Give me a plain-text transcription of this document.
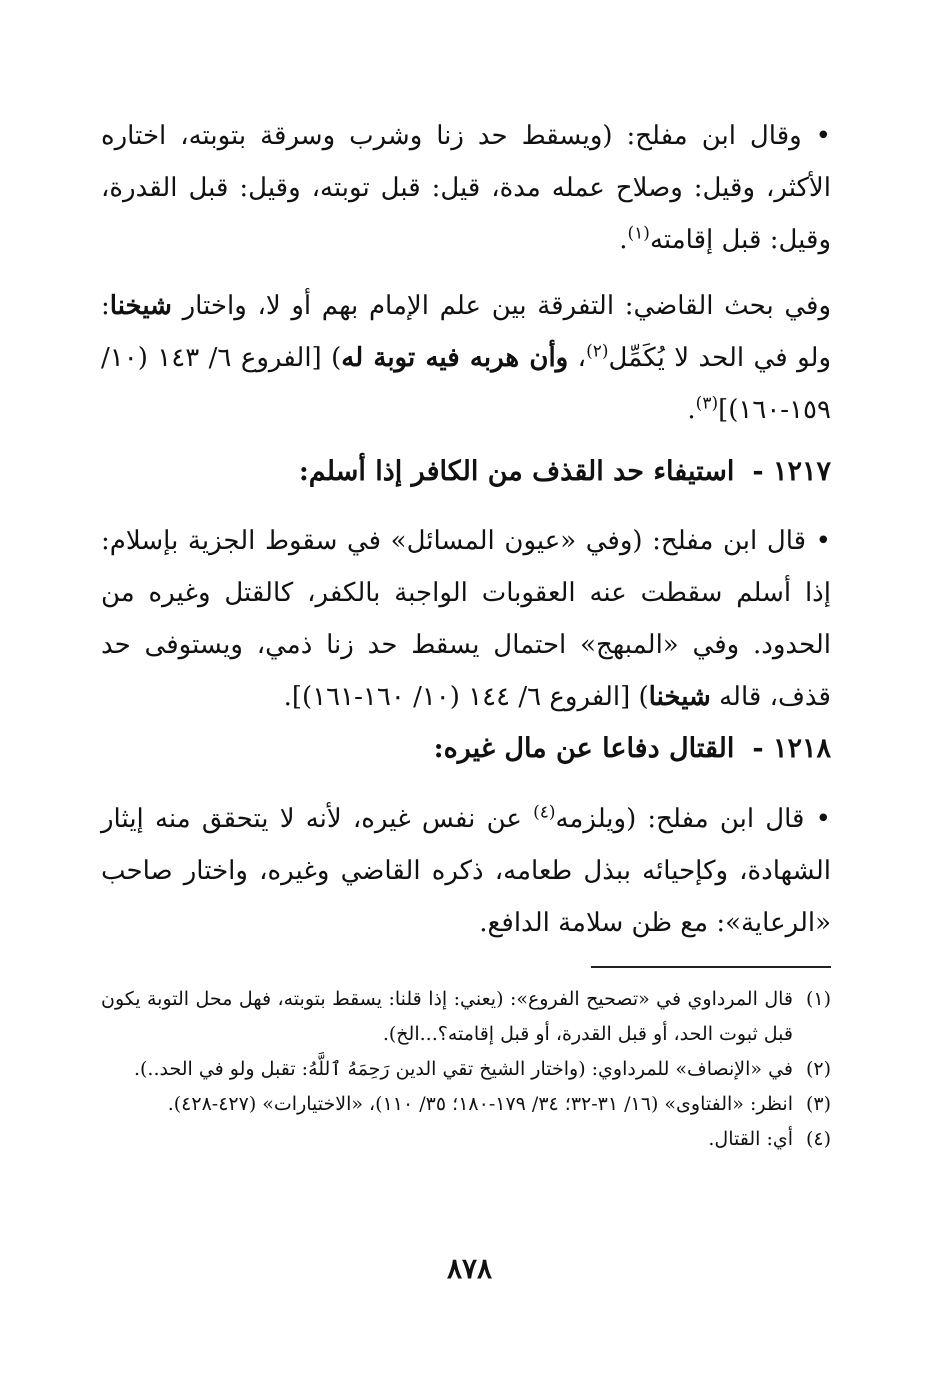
• وقال ابن مفلح: (ويسقط حد زنا وشرب وسرقة بتوبته، اختاره الأكثر، وقيل: وصلاح عمله مدة، قيل: قبل توبته، وقيل: قبل القدرة، وقيل: قبل إقامته$^{(١)}$.

وفي بحث القاضي: التفرقة بين علم الإمام بهم أو لا، واختار شيخنا: ولو في الحد لا يُكَمِّل$^{(٢)}$، وأن هربه فيه توبة له) [الفروع ٦/ ١٤٣ (١٠/ ١٥٩-١٦٠)]$^{(٣)}$.

١٢١٧ -استيفاء حد القذف من الكافر إذا أسلم:

• قال ابن مفلح: (وفي «عيون المسائل» في سقوط الجزية بإسلام: إذا أسلم سقطت عنه العقوبات الواجبة بالكفر، كالقتل وغيره من الحدود. وفي «المبهج» احتمال يسقط حد زنا ذمي، ويستوفى حد قذف، قاله شيخنا) [الفروع ٦/ ١٤٤ (١٠/ ١٦٠-١٦١)].

١٢١٨ -القتال دفاعا عن مال غيره:

• قال ابن مفلح: (ويلزمه$^{(٤)}$ عن نفس غيره، لأنه لا يتحقق منه إيثار الشهادة، وكإحيائه ببذل طعامه، ذكره القاضي وغيره، واختار صاحب «الرعاية»: مع ظن سلامة الدافع.

(١)
قال المرداوي في «تصحيح الفروع»: (يعني: إذا قلنا: يسقط بتوبته، فهل محل التوبة يكون قبل ثبوت الحد، أو قبل القدرة، أو قبل إقامته؟...الخ).
(٢)
في «الإنصاف» للمرداوي: (واختار الشيخ تقي الدين رَحِمَهُ ٱللَّهُ: تقبل ولو في الحد..).
(٣)
انظر: «الفتاوى» (١٦/ ٣١-٣٢؛ ٣٤/ ١٧٩-١٨٠؛ ٣٥/ ١١٠)، «الاختيارات» (٤٢٧-٤٢٨).
(٤)
أي: القتال.
٨٧٨
